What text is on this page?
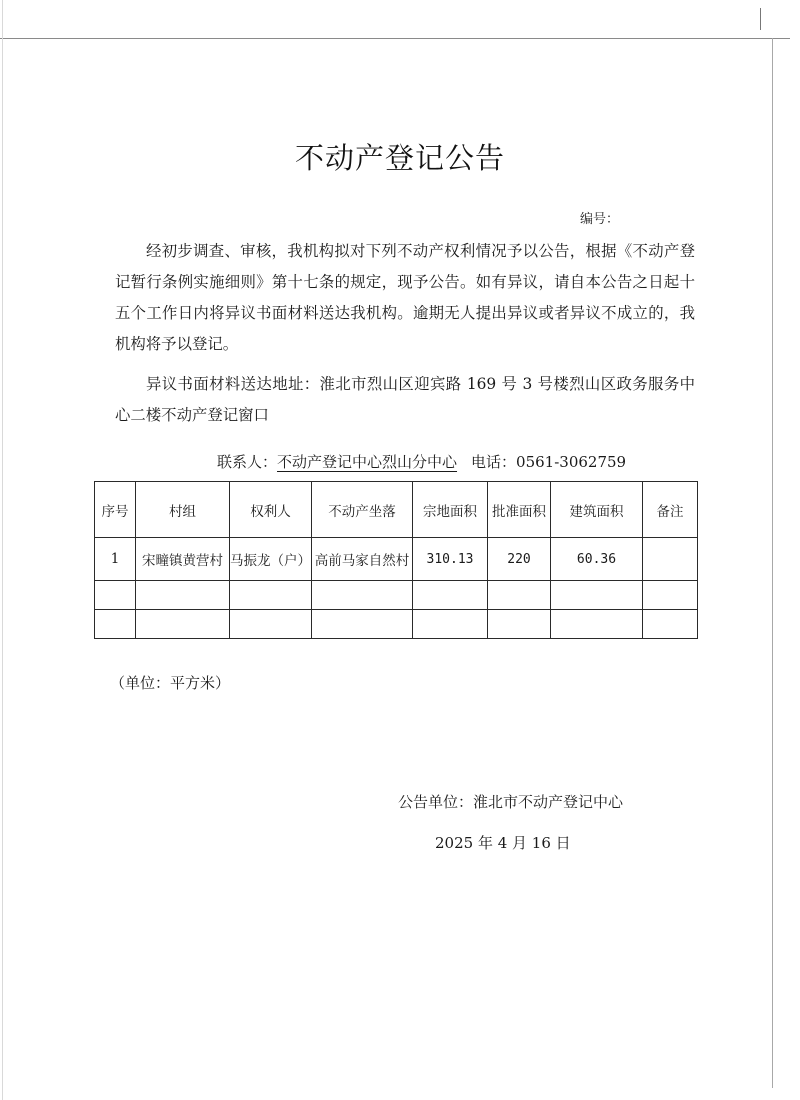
不动产登记公告
编号：

经初步调查、审核，我机构拟对下列不动产权利情况予以公告，根据《不动产登记暂行条例实施细则》第十七条的规定，现予公告。如有异议，请自本公告之日起十五个工作日内将异议书面材料送达我机构。逾期无人提出异议或者异议不成立的，我机构将予以登记。

异议书面材料送达地址：淮北市烈山区迎宾路 169 号 3 号楼烈山区政务服务中心二楼不动产登记窗口

联系人：不动产登记中心烈山分中心 电话：0561-3062759
序号	村组	权利人	不动产坐落	宗地面积	批准面积	建筑面积	备注
1	宋疃镇黄营村	马振龙（户）	高前马家自然村	310.13	220	60.36	

（单位：平方米）
公告单位：淮北市不动产登记中心
2025 年 4 月 16 日
